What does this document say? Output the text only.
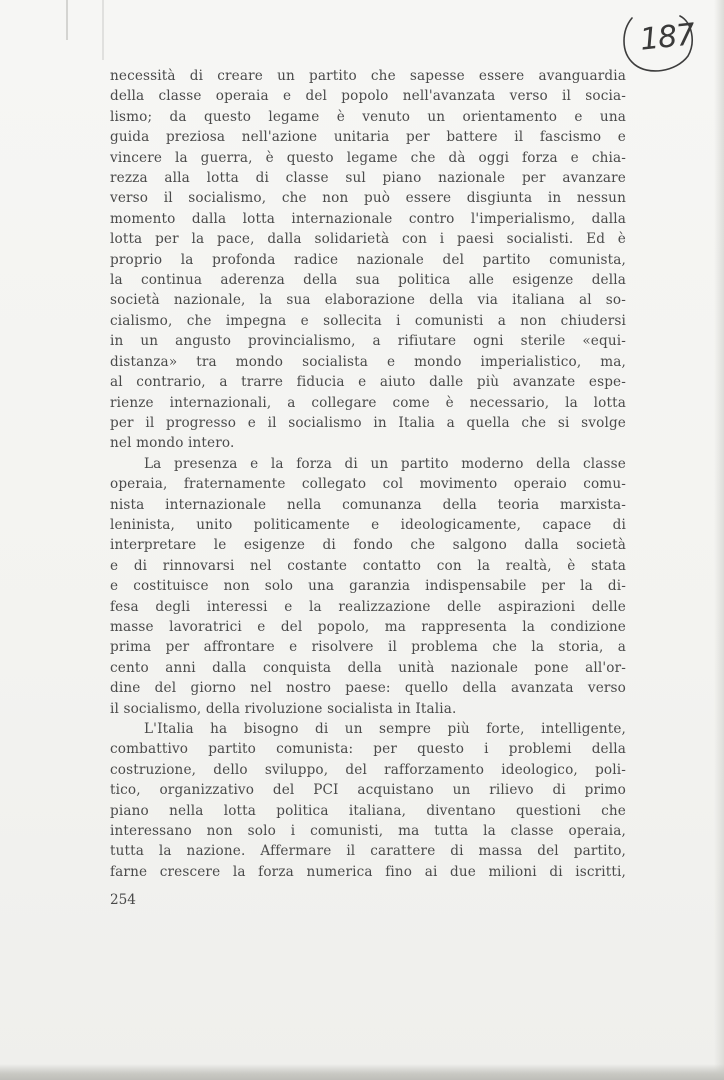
187
necessità di creare un partito che sapesse essere avanguardia
della classe operaia e del popolo nell'avanzata verso il socia-
lismo; da questo legame è venuto un orientamento e una
guida preziosa nell'azione unitaria per battere il fascismo e
vincere la guerra, è questo legame che dà oggi forza e chia-
rezza alla lotta di classe sul piano nazionale per avanzare
verso il socialismo, che non può essere disgiunta in nessun
momento dalla lotta internazionale contro l'imperialismo, dalla
lotta per la pace, dalla solidarietà con i paesi socialisti. Ed è
proprio la profonda radice nazionale del partito comunista,
la continua aderenza della sua politica alle esigenze della
società nazionale, la sua elaborazione della via italiana al so-
cialismo, che impegna e sollecita i comunisti a non chiudersi
in un angusto provincialismo, a rifiutare ogni sterile «equi-
distanza» tra mondo socialista e mondo imperialistico, ma,
al contrario, a trarre fiducia e aiuto dalle più avanzate espe-
rienze internazionali, a collegare come è necessario, la lotta
per il progresso e il socialismo in Italia a quella che si svolge
nel mondo intero.
La presenza e la forza di un partito moderno della classe
operaia, fraternamente collegato col movimento operaio comu-
nista internazionale nella comunanza della teoria marxista-
leninista, unito politicamente e ideologicamente, capace di
interpretare le esigenze di fondo che salgono dalla società
e di rinnovarsi nel costante contatto con la realtà, è stata
e costituisce non solo una garanzia indispensabile per la di-
fesa degli interessi e la realizzazione delle aspirazioni delle
masse lavoratrici e del popolo, ma rappresenta la condizione
prima per affrontare e risolvere il problema che la storia, a
cento anni dalla conquista della unità nazionale pone all'or-
dine del giorno nel nostro paese: quello della avanzata verso
il socialismo, della rivoluzione socialista in Italia.
L'Italia ha bisogno di un sempre più forte, intelligente,
combattivo partito comunista: per questo i problemi della
costruzione, dello sviluppo, del rafforzamento ideologico, poli-
tico, organizzativo del PCI acquistano un rilievo di primo
piano nella lotta politica italiana, diventano questioni che
interessano non solo i comunisti, ma tutta la classe operaia,
tutta la nazione. Affermare il carattere di massa del partito,
farne crescere la forza numerica fino ai due milioni di iscritti,
254
